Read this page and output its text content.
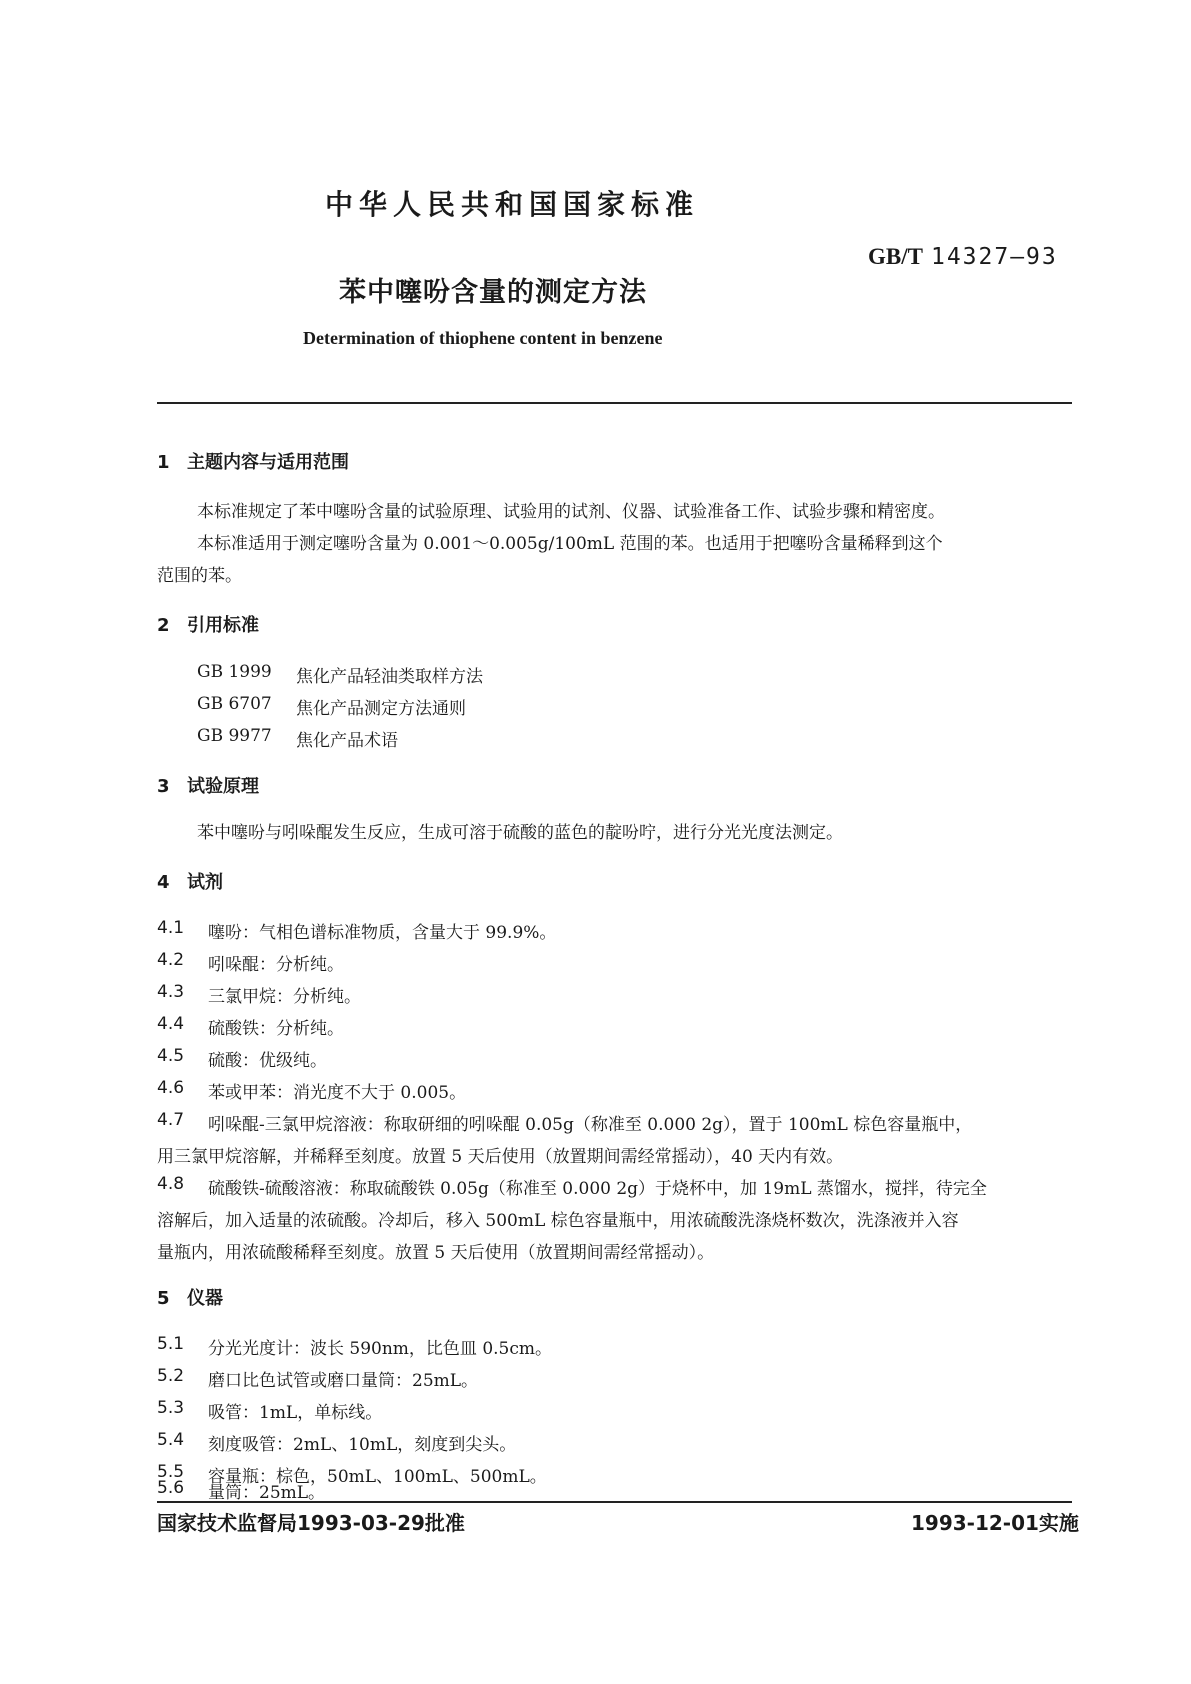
中华人民共和国国家标准
GB/T 14327—93
苯中噻吩含量的测定方法
Determination of thiophene content in benzene
1 主题内容与适用范围
本标准规定了苯中噻吩含量的试验原理、试验用的试剂、仪器、试验准备工作、试验步骤和精密度。
本标准适用于测定噻吩含量为 0.001～0.005g/100mL 范围的苯。也适用于把噻吩含量稀释到这个
范围的苯。
2 引用标准
GB 1999 焦化产品轻油类取样方法
GB 6707 焦化产品测定方法通则
GB 9977 焦化产品术语
3 试验原理
苯中噻吩与吲哚醌发生反应，生成可溶于硫酸的蓝色的靛吩咛，进行分光光度法测定。
4 试剂
4.1 噻吩：气相色谱标准物质，含量大于 99.9%。
4.2 吲哚醌：分析纯。
4.3 三氯甲烷：分析纯。
4.4 硫酸铁：分析纯。
4.5 硫酸：优级纯。
4.6 苯或甲苯：消光度不大于 0.005。
4.7 吲哚醌-三氯甲烷溶液：称取研细的吲哚醌 0.05g（称准至 0.000 2g），置于 100mL 棕色容量瓶中，
用三氯甲烷溶解，并稀释至刻度。放置 5 天后使用（放置期间需经常摇动），40 天内有效。
4.8 硫酸铁-硫酸溶液：称取硫酸铁 0.05g（称准至 0.000 2g）于烧杯中，加 19mL 蒸馏水，搅拌，待完全
溶解后，加入适量的浓硫酸。冷却后，移入 500mL 棕色容量瓶中，用浓硫酸洗涤烧杯数次，洗涤液并入容
量瓶内，用浓硫酸稀释至刻度。放置 5 天后使用（放置期间需经常摇动）。
5 仪器
5.1 分光光度计：波长 590nm，比色皿 0.5cm。
5.2 磨口比色试管或磨口量筒：25mL。
5.3 吸管：1mL，单标线。
5.4 刻度吸管：2mL、10mL，刻度到尖头。
5.5 容量瓶：棕色，50mL、100mL、500mL。
5.6 量筒：25mL。
国家技术监督局1993-03-29批准	1993-12-01实施
